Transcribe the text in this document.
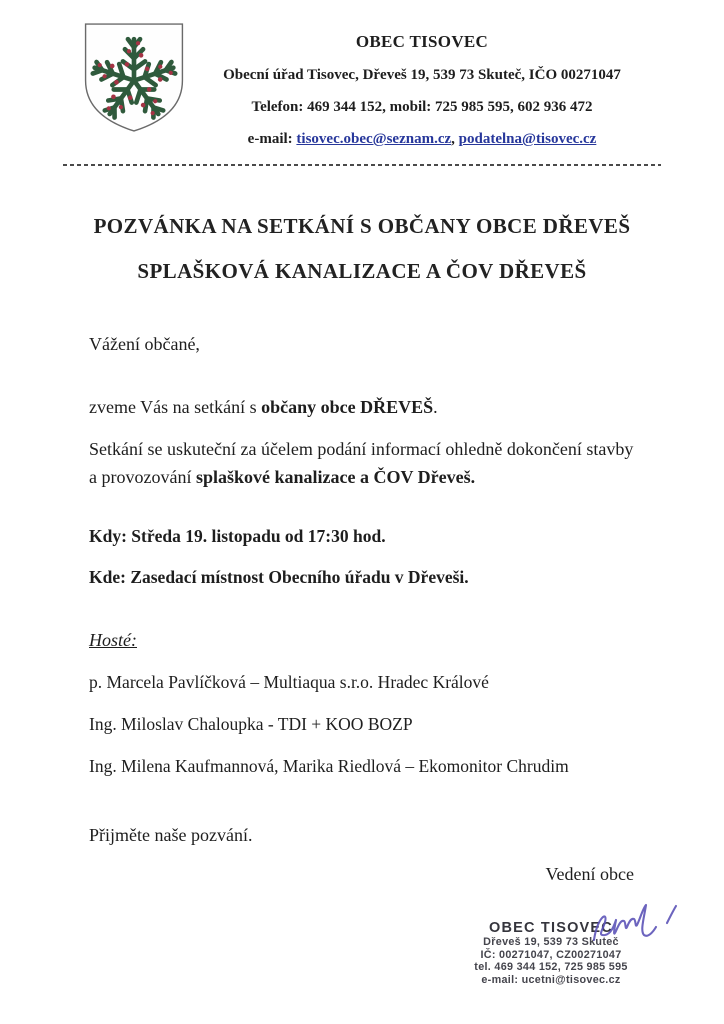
OBEC TISOVEC
Obecní úřad Tisovec, Dřeveš 19, 539 73 Skuteč, IČO 00271047
Telefon: 469 344 152, mobil: 725 985 595, 602 936 472
e-mail: tisovec.obec@seznam.cz, podatelna@tisovec.cz
POZVÁNKA NA SETKÁNÍ S OBČANY OBCE DŘEVEŠ
SPLAŠKOVÁ KANALIZACE A ČOV DŘEVEŠ

Vážení občané,

zveme Vás na setkání s občany obce DŘEVEŠ.

Setkání se uskuteční za účelem podání informací ohledně dokončení stavby a provozování splaškové kanalizace a ČOV Dřeveš.

Kdy: Středa 19. listopadu od 17:30 hod.

Kde: Zasedací místnost Obecního úřadu v Dřeveši.

Hosté:

p. Marcela Pavlíčková – Multiaqua s.r.o. Hradec Králové

Ing. Miloslav Chaloupka - TDI + KOO BOZP

Ing. Milena Kaufmannová, Marika Riedlová – Ekomonitor Chrudim

Přijměte naše pozvání.

Vedení obce

OBEC TISOVEC
Dřeveš 19, 539 73 Skuteč
IČ: 00271047, CZ00271047
tel. 469 344 152, 725 985 595
e-mail: ucetni@tisovec.cz
